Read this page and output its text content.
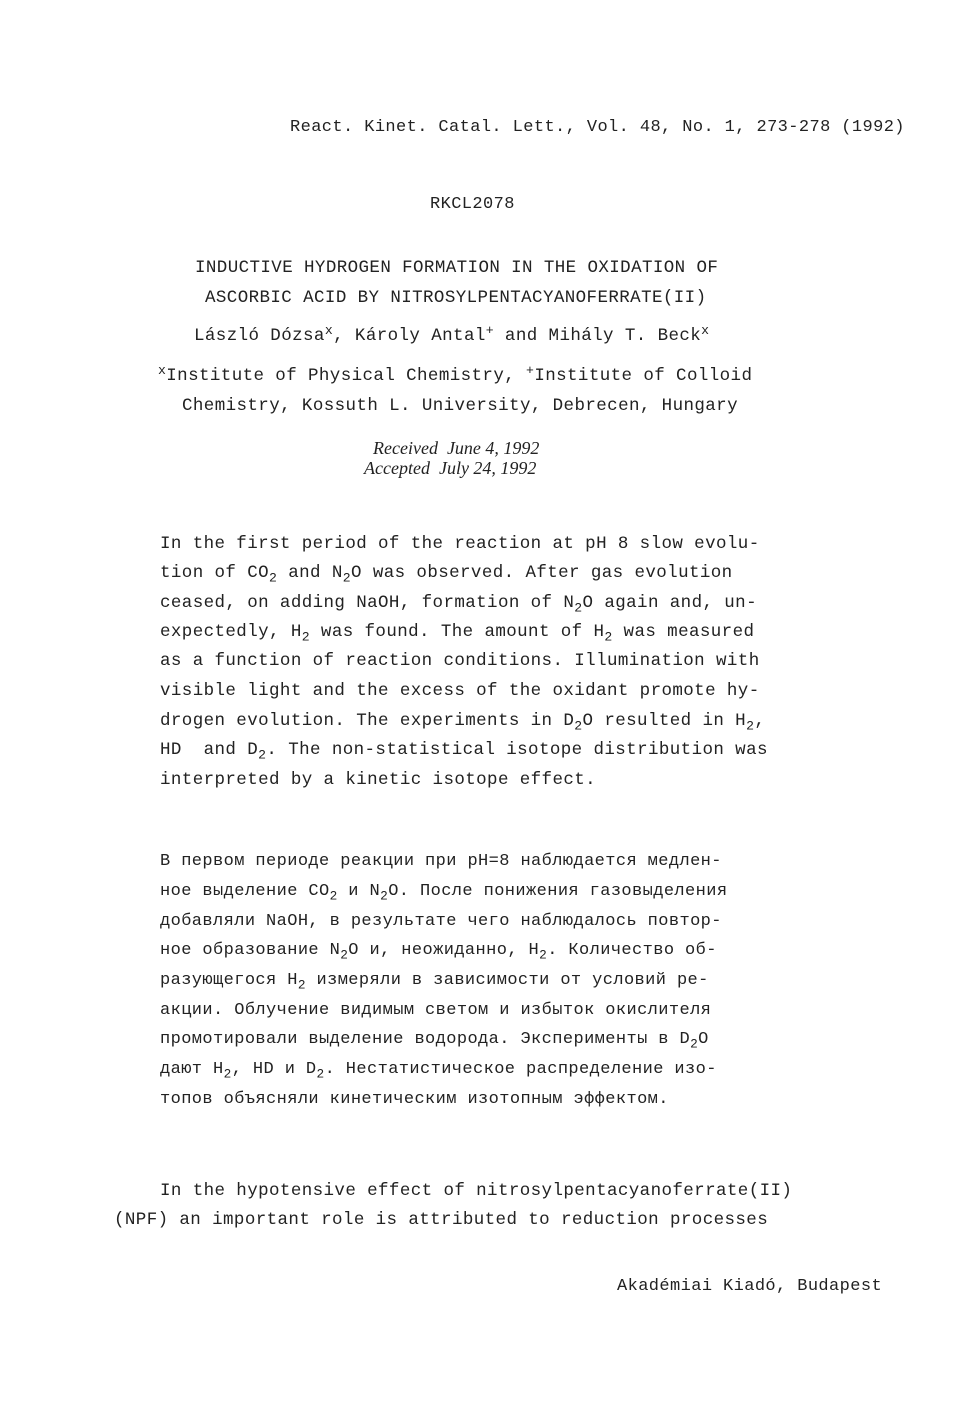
React. Kinet. Catal. Lett., Vol. 48, No. 1, 273-278 (1992)
RKCL2078
INDUCTIVE HYDROGEN FORMATION IN THE OXIDATION OF
ASCORBIC ACID BY NITROSYLPENTACYANOFERRATE(II)
László Dózsa$^x$, Károly Antal+ and Mihály T. Beck$^x$
$^x$Institute of Physical Chemistry, +Institute of Colloid
Chemistry, Kossuth L. University, Debrecen, Hungary
Received  June 4, 1992
Accepted  July 24, 1992
In the first period of the reaction at pH 8 slow evolu-
tion of $CO_2$ and $N_2O$ was observed. After gas evolution
ceased, on adding NaOH, formation of $N_2O$ again and, un-
expectedly, $H_2$ was found. The amount of $H_2$ was measured
as a function of reaction conditions. Illumination with
visible light and the excess of the oxidant promote hy-
drogen evolution. The experiments in $D_2O$ resulted in $H_2$,
HD  and $D_2$. The non-statistical isotope distribution was
interpreted by a kinetic isotope effect.
В первом периоде реакции при pH=8 наблюдается медлен-
ное выделение $CO_2$ и $N_2O$. После понижения газовыделения
добавляли NaOH, в результате чего наблюдалось повтор-
ное образование $N_2O$ и, неожиданно, $H_2$. Количество об-
разующегося $H_2$ измеряли в зависимости от условий ре-
акции. Облучение видимым светом и избыток окислителя
промотировали выделение водорода. Эксперименты в $D_2O$
дают $H_2$, HD и $D_2$. Нестатистическое распределение изо-
топов объясняли кинетическим изотопным эффектом.
In the hypotensive effect of nitrosylpentacyanoferrate(II)
(NPF) an important role is attributed to reduction processes
Akadémiai Kiadó, Budapest
